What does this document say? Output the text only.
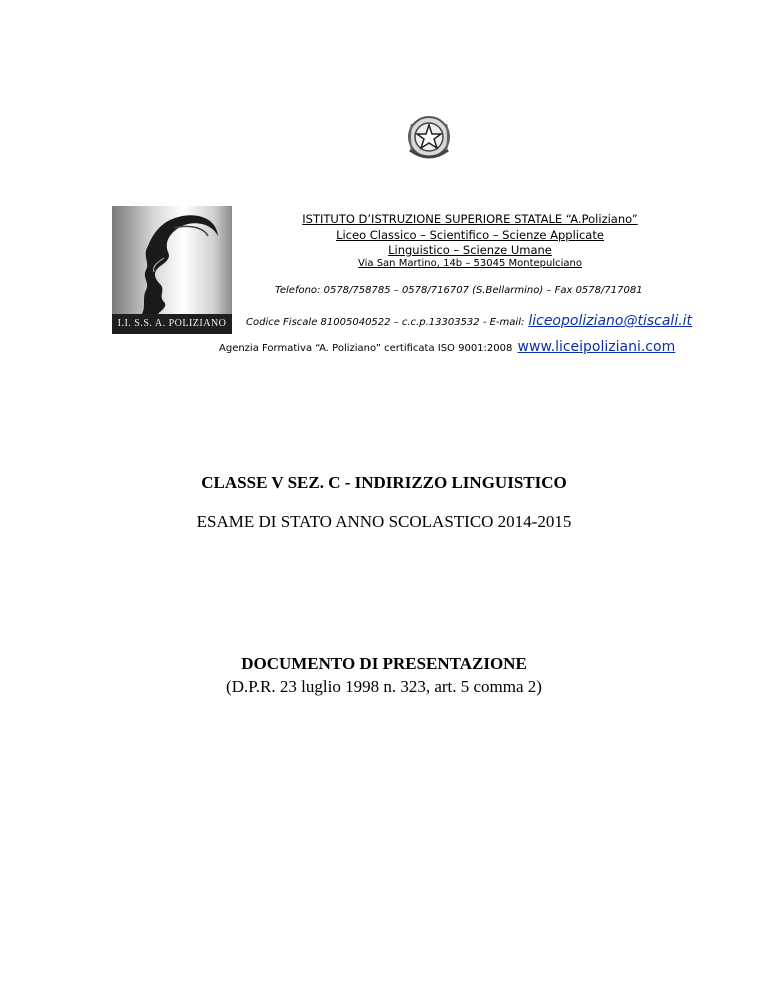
I.I. S.S. A. POLIZIANO
ISTITUTO D’ISTRUZIONE SUPERIORE STATALE “A.Poliziano”
Liceo Classico – Scientifico – Scienze Applicate
Linguistico – Scienze Umane
Via San Martino, 14b – 53045 Montepulciano
Telefono: 0578/758785 – 0578/716707 (S.Bellarmino) – Fax 0578/717081
Codice Fiscale 81005040522 – c.c.p.13303532 - E-mail: liceopoliziano@tiscali.it
Agenzia Formativa “A. Poliziano” certificata ISO 9001:2008 www.liceipoliziani.com
CLASSE V SEZ. C - INDIRIZZO LINGUISTICO
ESAME DI STATO ANNO SCOLASTICO 2014-2015
DOCUMENTO DI PRESENTAZIONE
(D.P.R. 23 luglio 1998 n. 323, art. 5 comma 2)
